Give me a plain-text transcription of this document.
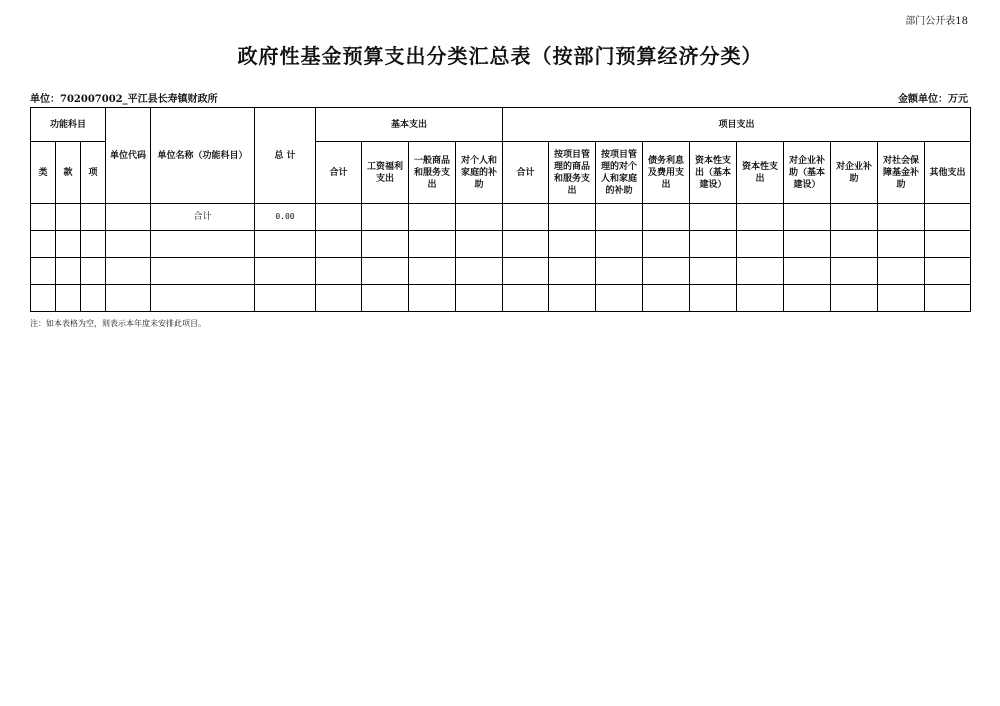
部门公开表18
政府性基金预算支出分类汇总表（按部门预算经济分类）
单位：702007002_平江县长寿镇财政所	金额单位：万元
功能科目			单位代码	单位名称（功能科目）	总 计	基本支出				项目支出									
类	款	项				合计	工资福利支出	一般商品和服务支出	对个人和家庭的补助	合计	按项目管理的商品和服务支出	按项目管理的对个人和家庭的补助	债务利息及费用支出	资本性支出（基本建设）	资本性支出	对企业补助（基本建设）	对企业补助	对社会保障基金补助	其他支出
				合计	0.00														

注：如本表格为空，则表示本年度未安排此项目。
